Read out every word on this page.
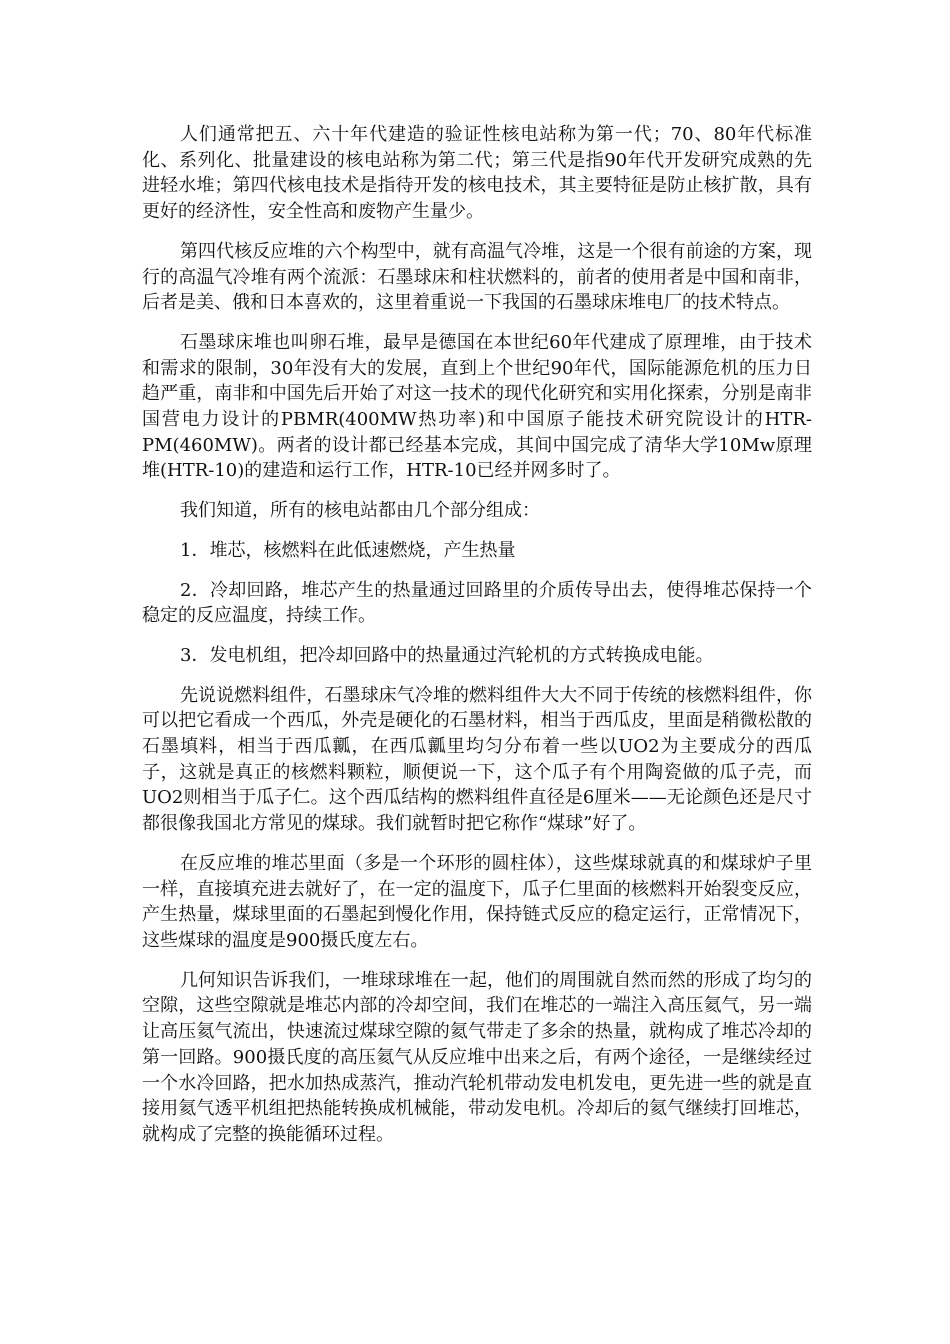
人们通常把五、六十年代建造的验证性核电站称为第一代；70、80年代标准化、系列化、批量建设的核电站称为第二代；第三代是指90年代开发研究成熟的先进轻水堆；第四代核电技术是指待开发的核电技术，其主要特征是防止核扩散，具有更好的经济性，安全性高和废物产生量少。

第四代核反应堆的六个构型中，就有高温气冷堆，这是一个很有前途的方案，现行的高温气冷堆有两个流派：石墨球床和柱状燃料的，前者的使用者是中国和南非，后者是美、俄和日本喜欢的，这里着重说一下我国的石墨球床堆电厂的技术特点。

石墨球床堆也叫卵石堆，最早是德国在本世纪60年代建成了原理堆，由于技术和需求的限制，30年没有大的发展，直到上个世纪90年代，国际能源危机的压力日趋严重，南非和中国先后开始了对这一技术的现代化研究和实用化探索，分别是南非国营电力设计的PBMR(400MW热功率)和中国原子能技术研究院设计的HTR-PM(460MW)。两者的设计都已经基本完成，其间中国完成了清华大学10Mw原理堆(HTR-10)的建造和运行工作，HTR-10已经并网多时了。

我们知道，所有的核电站都由几个部分组成：

1．堆芯，核燃料在此低速燃烧，产生热量

2．冷却回路，堆芯产生的热量通过回路里的介质传导出去，使得堆芯保持一个稳定的反应温度，持续工作。

3．发电机组，把冷却回路中的热量通过汽轮机的方式转换成电能。

先说说燃料组件，石墨球床气冷堆的燃料组件大大不同于传统的核燃料组件，你可以把它看成一个西瓜，外壳是硬化的石墨材料，相当于西瓜皮，里面是稍微松散的石墨填料，相当于西瓜瓤，在西瓜瓤里均匀分布着一些以UO2为主要成分的西瓜子，这就是真正的核燃料颗粒，顺便说一下，这个瓜子有个用陶瓷做的瓜子壳，而UO2则相当于瓜子仁。这个西瓜结构的燃料组件直径是6厘米——无论颜色还是尺寸都很像我国北方常见的煤球。我们就暂时把它称作“煤球”好了。

在反应堆的堆芯里面（多是一个环形的圆柱体），这些煤球就真的和煤球炉子里一样，直接填充进去就好了，在一定的温度下，瓜子仁里面的核燃料开始裂变反应，产生热量，煤球里面的石墨起到慢化作用，保持链式反应的稳定运行，正常情况下，这些煤球的温度是900摄氏度左右。

几何知识告诉我们，一堆球球堆在一起，他们的周围就自然而然的形成了均匀的空隙，这些空隙就是堆芯内部的冷却空间，我们在堆芯的一端注入高压氦气，另一端让高压氦气流出，快速流过煤球空隙的氦气带走了多余的热量，就构成了堆芯冷却的第一回路。900摄氏度的高压氦气从反应堆中出来之后，有两个途径，一是继续经过一个水冷回路，把水加热成蒸汽，推动汽轮机带动发电机发电，更先进一些的就是直接用氦气透平机组把热能转换成机械能，带动发电机。冷却后的氦气继续打回堆芯，就构成了完整的换能循环过程。
